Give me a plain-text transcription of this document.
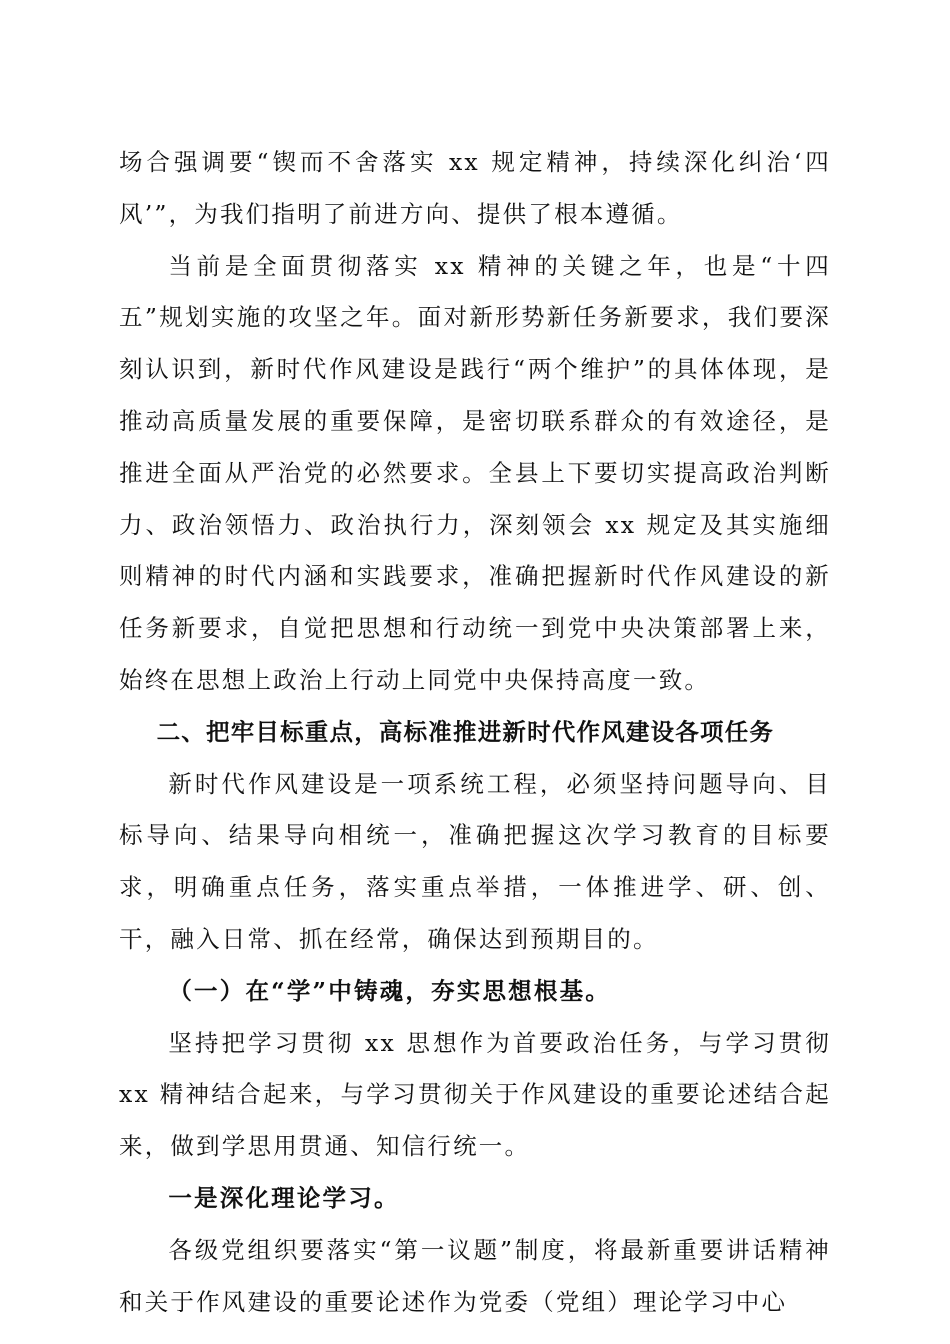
场合强调要“锲而不舍落实 xx 规定精神，持续深化纠治‘四风’”，为我们指明了前进方向、提供了根本遵循。

当前是全面贯彻落实 xx 精神的关键之年，也是“十四五”规划实施的攻坚之年。面对新形势新任务新要求，我们要深刻认识到，新时代作风建设是践行“两个维护”的具体体现，是推动高质量发展的重要保障，是密切联系群众的有效途径，是推进全面从严治党的必然要求。全县上下要切实提高政治判断力、政治领悟力、政治执行力，深刻领会 xx 规定及其实施细则精神的时代内涵和实践要求，准确把握新时代作风建设的新任务新要求，自觉把思想和行动统一到党中央决策部署上来，始终在思想上政治上行动上同党中央保持高度一致。

二、把牢目标重点，高标准推进新时代作风建设各项任务

新时代作风建设是一项系统工程，必须坚持问题导向、目标导向、结果导向相统一，准确把握这次学习教育的目标要求，明确重点任务，落实重点举措，一体推进学、研、创、干，融入日常、抓在经常，确保达到预期目的。

（一）在“学”中铸魂，夯实思想根基。

坚持把学习贯彻 xx 思想作为首要政治任务，与学习贯彻 xx 精神结合起来，与学习贯彻关于作风建设的重要论述结合起来，做到学思用贯通、知信行统一。

一是深化理论学习。

各级党组织要落实“第一议题”制度，将最新重要讲话精神和关于作风建设的重要论述作为党委（党组）理论学习中心
